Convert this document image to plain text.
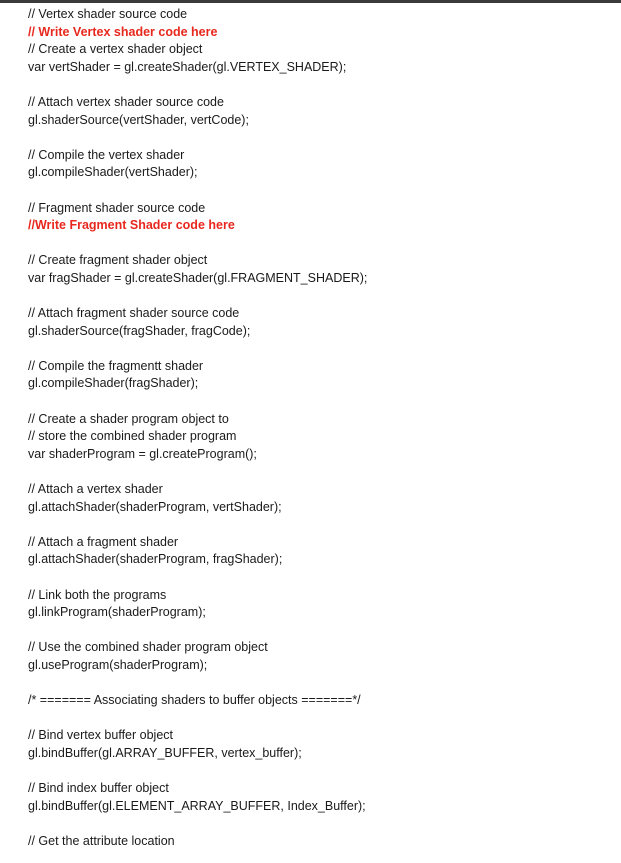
// Vertex shader source code
// Write Vertex shader code here
// Create a vertex shader object
var vertShader = gl.createShader(gl.VERTEX_SHADER);
// Attach vertex shader source code
gl.shaderSource(vertShader, vertCode);
// Compile the vertex shader
gl.compileShader(vertShader);
// Fragment shader source code
//Write Fragment Shader code here
// Create fragment shader object
var fragShader = gl.createShader(gl.FRAGMENT_SHADER);
// Attach fragment shader source code
gl.shaderSource(fragShader, fragCode);
// Compile the fragmentt shader
gl.compileShader(fragShader);
// Create a shader program object to
// store the combined shader program
var shaderProgram = gl.createProgram();
// Attach a vertex shader
gl.attachShader(shaderProgram, vertShader);
// Attach a fragment shader
gl.attachShader(shaderProgram, fragShader);
// Link both the programs
gl.linkProgram(shaderProgram);
// Use the combined shader program object
gl.useProgram(shaderProgram);
/* ======= Associating shaders to buffer objects =======*/
// Bind vertex buffer object
gl.bindBuffer(gl.ARRAY_BUFFER, vertex_buffer);
// Bind index buffer object
gl.bindBuffer(gl.ELEMENT_ARRAY_BUFFER, Index_Buffer);
// Get the attribute location
